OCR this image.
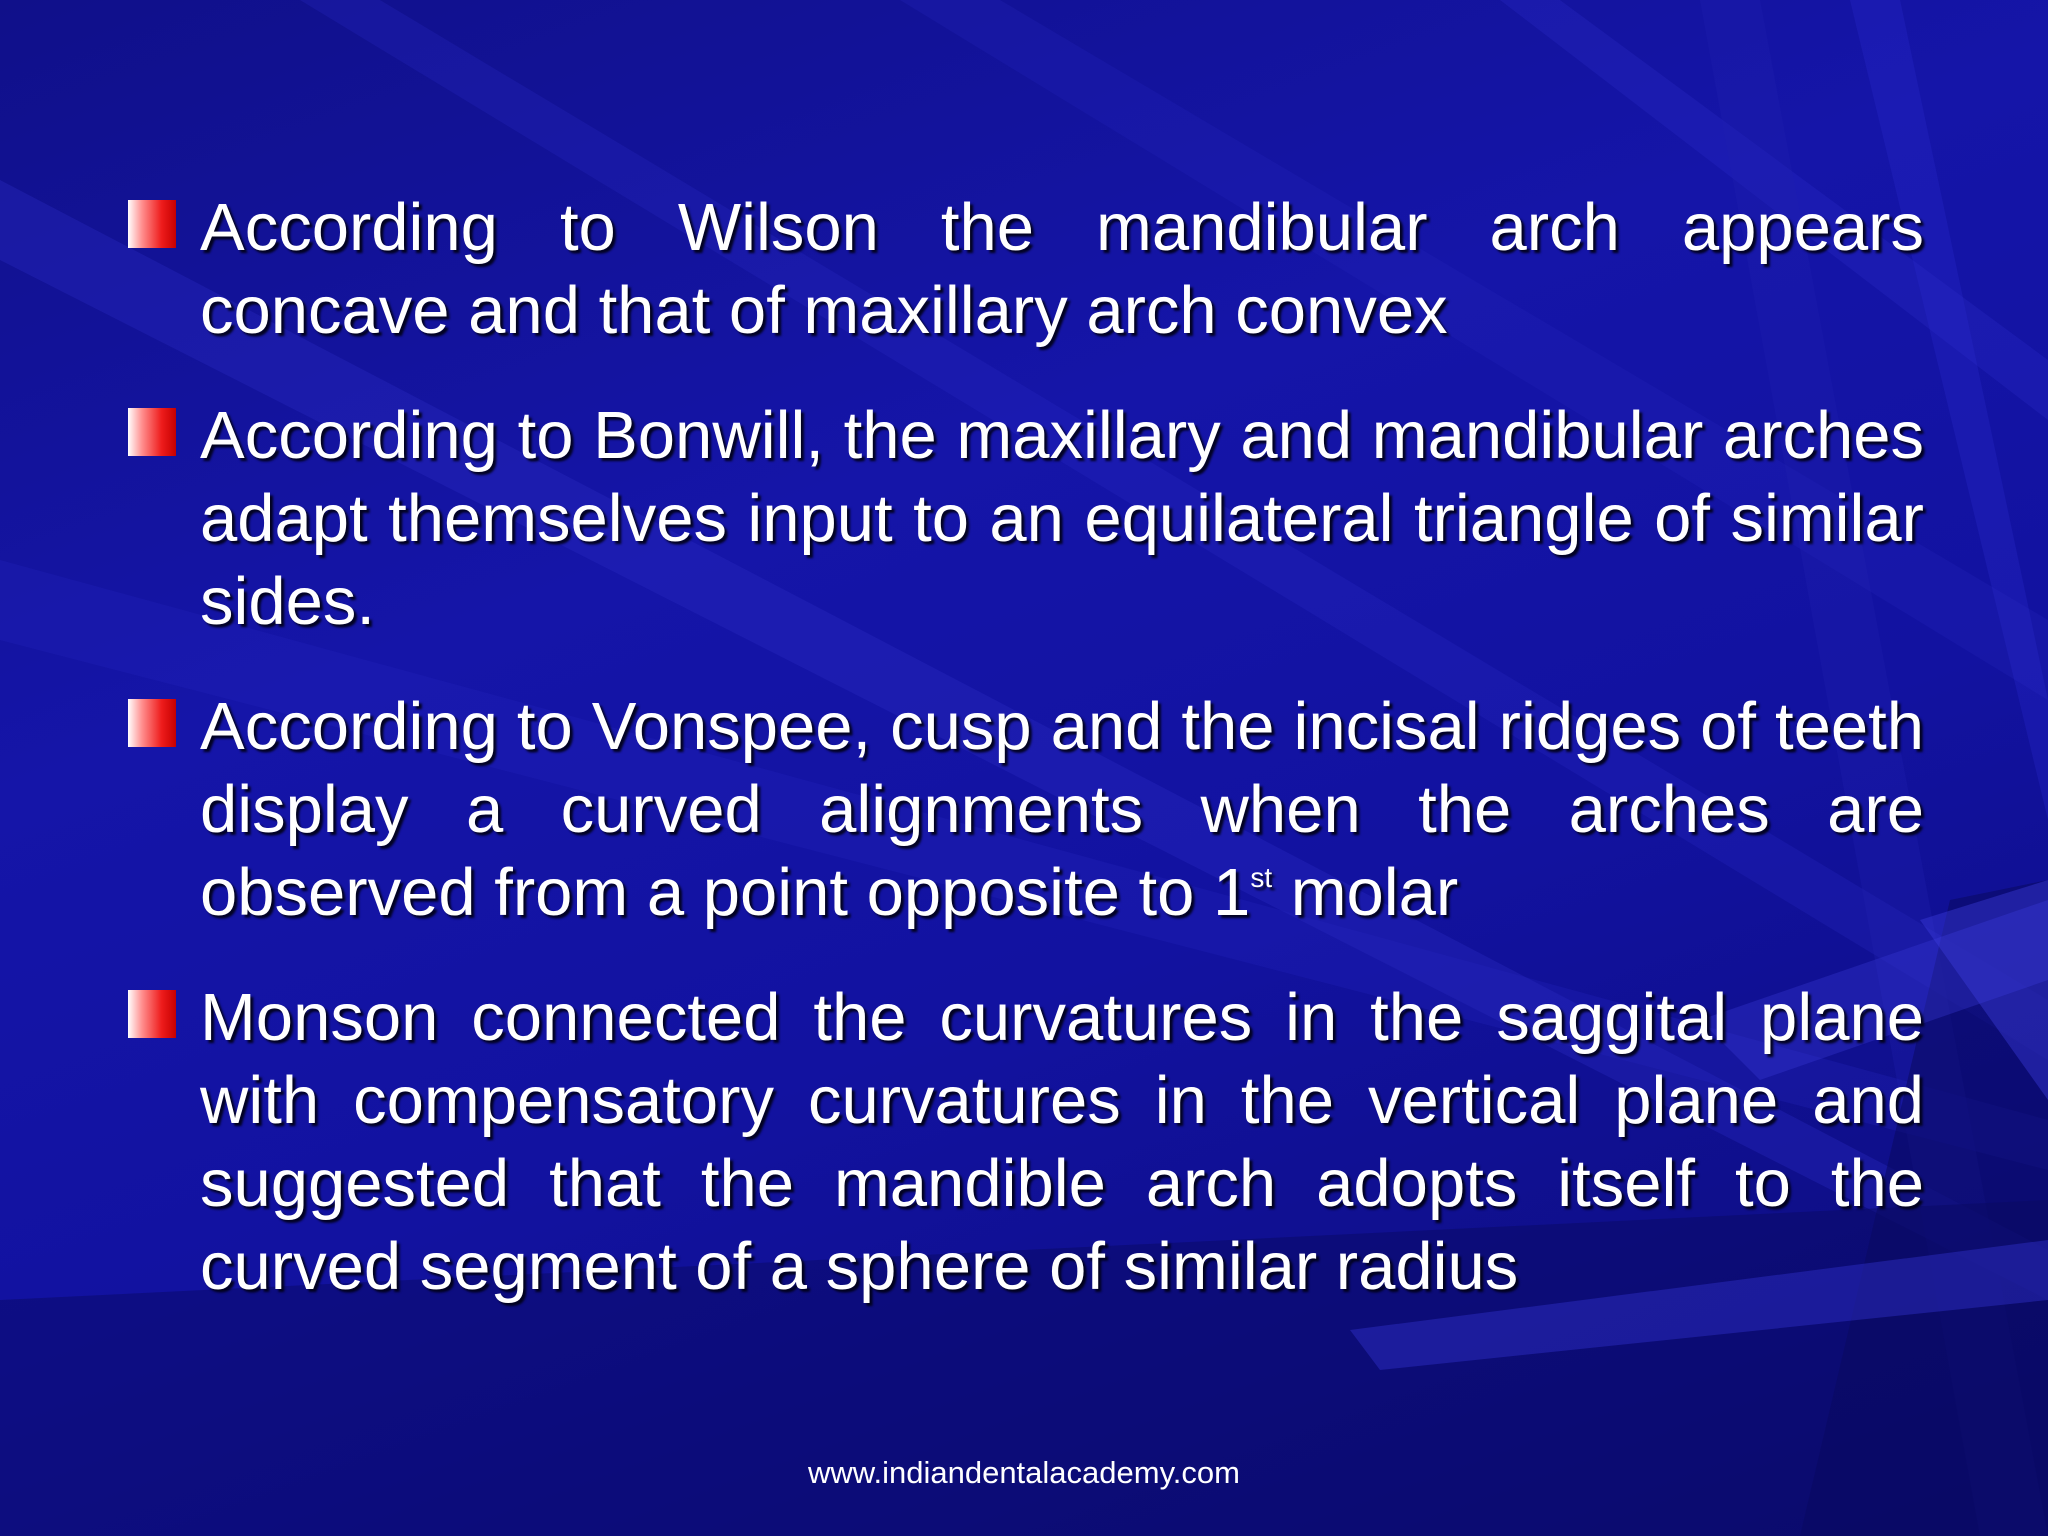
According to Wilson the mandibular arch appears concave and that of maxillary arch convex
According to Bonwill, the maxillary and mandibular arches adapt themselves input to an equilateral triangle of similar sides.
According to Vonspee, cusp and the incisal ridges of teeth display a curved alignments when the arches are observed from a point opposite to 1st molar
Monson connected the curvatures in the saggital plane with compensatory curvatures in the vertical plane and suggested that the mandible arch adopts itself to the curved segment of a sphere of similar radius
www.indiandentalacademy.com
